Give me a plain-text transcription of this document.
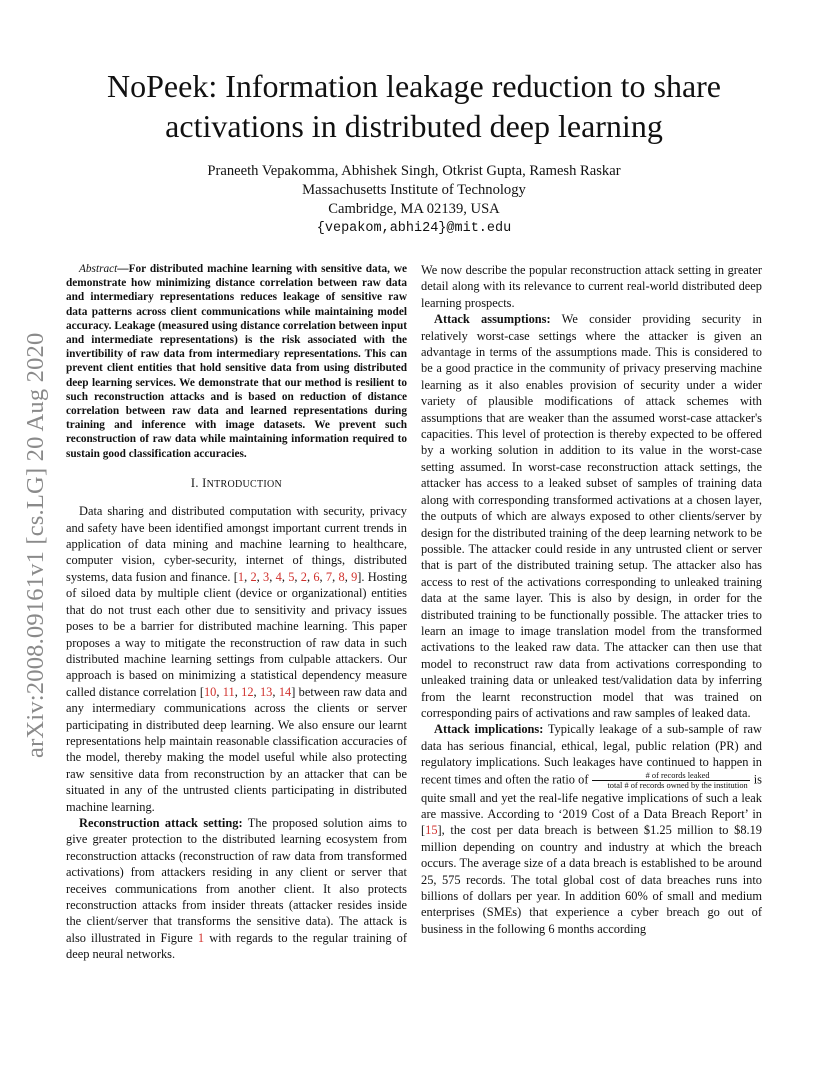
NoPeek: Information leakage reduction to share
activations in distributed deep learning
Praneeth Vepakomma, Abhishek Singh, Otkrist Gupta, Ramesh Raskar
Massachusetts Institute of Technology
Cambridge, MA 02139, USA
{vepakom,abhi24}@mit.edu
arXiv:2008.09161v1 [cs.LG] 20 Aug 2020

Abstract—For distributed machine learning with sensitive data, we demonstrate how minimizing distance correlation between raw data and intermediary representations reduces leakage of sensitive raw data patterns across client communications while maintaining model accuracy. Leakage (measured using distance correlation between input and intermediate representations) is the risk associated with the invertibility of raw data from intermediary representations. This can prevent client entities that hold sensitive data from using distributed deep learning services. We demonstrate that our method is resilient to such reconstruction attacks and is based on reduction of distance correlation between raw data and learned representations during training and inference with image datasets. We prevent such reconstruction of raw data while maintaining information required to sustain good classification accuracies.

I. INTRODUCTION

Data sharing and distributed computation with security, privacy and safety have been identified amongst important current trends in application of data mining and machine learning to healthcare, computer vision, cyber-security, internet of things, distributed systems, data fusion and finance. [1, 2, 3, 4, 5, 2, 6, 7, 8, 9]. Hosting of siloed data by multiple client (device or organizational) entities that do not trust each other due to sensitivity and privacy issues poses to be a barrier for distributed machine learning. This paper proposes a way to mitigate the reconstruction of raw data in such distributed machine learning settings from culpable attackers. Our approach is based on minimizing a statistical dependency measure called distance correlation [10, 11, 12, 13, 14] between raw data and any intermediary communications across the clients or server participating in distributed deep learning. We also ensure our learnt representations help maintain reasonable classification accuracies of the model, thereby making the model useful while also protecting raw sensitive data from reconstruction by an attacker that can be situated in any of the untrusted clients participating in distributed machine learning.

Reconstruction attack setting: The proposed solution aims to give greater protection to the distributed learning ecosystem from reconstruction attacks (reconstruction of raw data from transformed activations) from attackers residing in any client or server that receives communications from another client. It also protects reconstruction attacks from insider threats (attacker resides inside the client/server that transforms the sensitive data). The attack is also illustrated in Figure 1 with regards to the regular training of deep neural networks.

We now describe the popular reconstruction attack setting in greater detail along with its relevance to current real-world distributed deep learning prospects.

Attack assumptions: We consider providing security in relatively worst-case settings where the attacker is given an advantage in terms of the assumptions made. This is considered to be a good practice in the community of privacy preserving machine learning as it also enables provision of security under a wider variety of plausible modifications of attack schemes with assumptions that are weaker than the assumed worst-case attacker's capacities. This level of protection is thereby expected to be offered by a working solution in addition to its value in the worst-case setting assumed. In worst-case reconstruction attack settings, the attacker has access to a leaked subset of samples of training data along with corresponding transformed activations at a chosen layer, the outputs of which are always exposed to other clients/server by design for the distributed training of the deep learning network to be possible. The attacker could reside in any untrusted client or server that is part of the distributed training setup. The attacker also has access to rest of the activations corresponding to unleaked training data at the same layer. This is also by design, in order for the distributed training to be functionally possible. The attacker tries to learn an image to image translation model from the transformed activations to the leaked raw data. The attacker can then use that model to reconstruct raw data from activations corresponding to unleaked training data or unleaked test/validation data by inferring from the learnt reconstruction model that was trained on corresponding pairs of activations and raw samples of leaked data.

Attack implications: Typically leakage of a sub-sample of raw data has serious financial, ethical, legal, public relation (PR) and regulatory implications. Such leakages have continued to happen in recent times and often the ratio of $\frac{\text{\# of records leaked}}{\text{total \# of records owned by the institution}}$ is quite small and yet the real-life negative implications of such a leak are massive. According to ‘2019 Cost of a Data Breach Report’ in [15], the cost per data breach is between $1.25 million to $8.19 million depending on country and industry at which the breach occurs. The average size of a data breach is established to be around 25, 575 records. The total global cost of data breaches runs into billions of dollars per year. In addition 60% of small and medium enterprises (SMEs) that experience a cyber breach go out of business in the following 6 months according
